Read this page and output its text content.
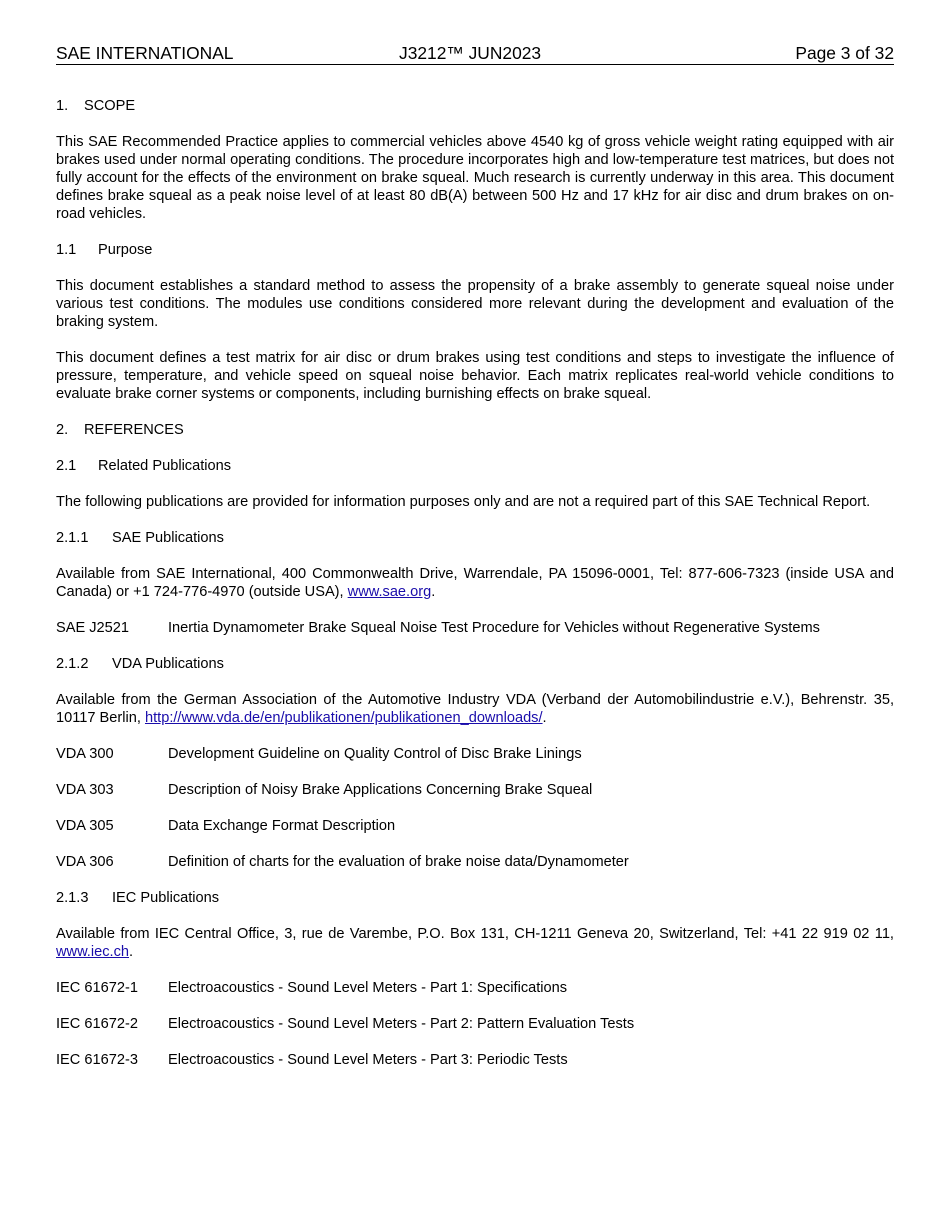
SAE INTERNATIONAL	J3212™ JUN2023	Page 3 of 32
1. SCOPE

This SAE Recommended Practice applies to commercial vehicles above 4540 kg of gross vehicle weight rating equipped with air brakes used under normal operating conditions. The procedure incorporates high and low-temperature test matrices, but does not fully account for the effects of the environment on brake squeal. Much research is currently underway in this area. This document defines brake squeal as a peak noise level of at least 80 dB(A) between 500 Hz and 17 kHz for air disc and drum brakes on on-road vehicles.

1.1 Purpose

This document establishes a standard method to assess the propensity of a brake assembly to generate squeal noise under various test conditions. The modules use conditions considered more relevant during the development and evaluation of the braking system.

This document defines a test matrix for air disc or drum brakes using test conditions and steps to investigate the influence of pressure, temperature, and vehicle speed on squeal noise behavior. Each matrix replicates real-world vehicle conditions to evaluate brake corner systems or components, including burnishing effects on brake squeal.

2. REFERENCES
2.1 Related Publications

The following publications are provided for information purposes only and are not a required part of this SAE Technical Report.

2.1.1 SAE Publications

Available from SAE International, 400 Commonwealth Drive, Warrendale, PA 15096-0001, Tel: 877-606-7323 (inside USA and Canada) or +1 724-776-4970 (outside USA), www.sae.org.

SAE J2521	Inertia Dynamometer Brake Squeal Noise Test Procedure for Vehicles without Regenerative Systems
2.1.2 VDA Publications

Available from the German Association of the Automotive Industry VDA (Verband der Automobilindustrie e.V.), Behrenstr. 35, 10117 Berlin, http://www.vda.de/en/publikationen/publikationen_downloads/.

VDA 300	Development Guideline on Quality Control of Disc Brake Linings
VDA 303	Description of Noisy Brake Applications Concerning Brake Squeal
VDA 305	Data Exchange Format Description
VDA 306	Definition of charts for the evaluation of brake noise data/Dynamometer
2.1.3 IEC Publications

Available from IEC Central Office, 3, rue de Varembe, P.O. Box 131, CH-1211 Geneva 20, Switzerland, Tel: +41 22 919 02 11, www.iec.ch.

IEC 61672-1	Electroacoustics - Sound Level Meters - Part 1: Specifications
IEC 61672-2	Electroacoustics - Sound Level Meters - Part 2: Pattern Evaluation Tests
IEC 61672-3	Electroacoustics - Sound Level Meters - Part 3: Periodic Tests
